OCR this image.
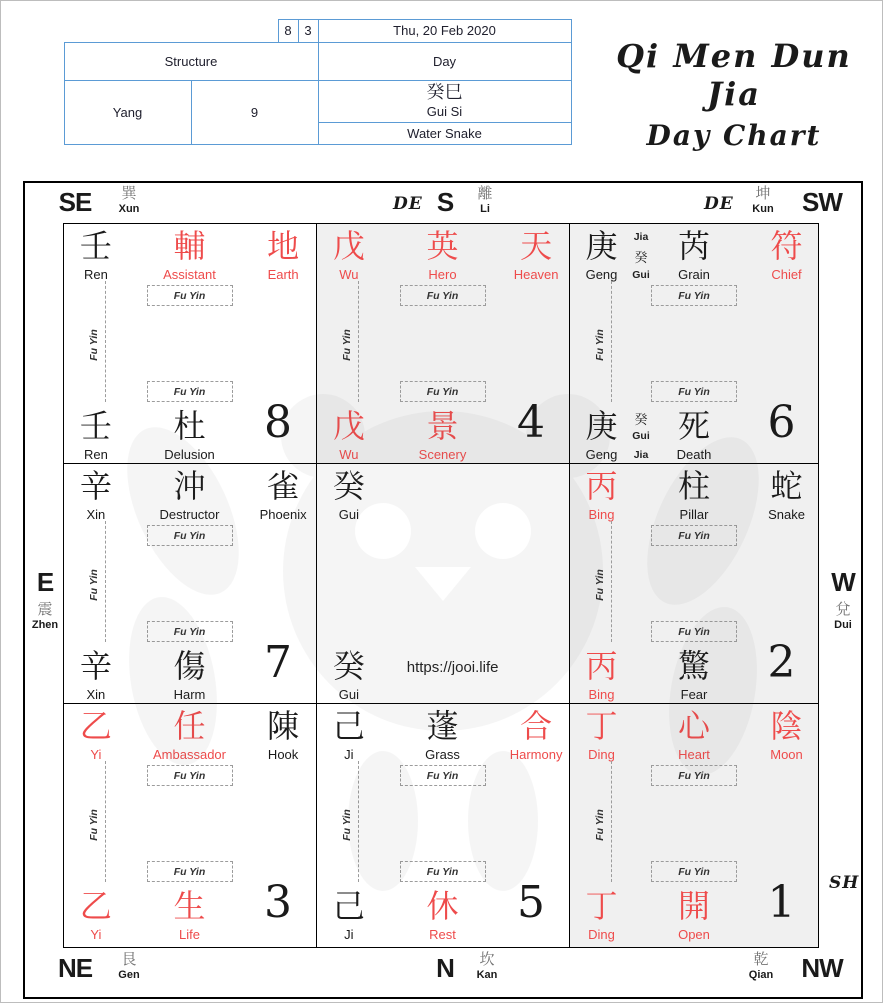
8 3	Thu, 20 Feb 2020
Structure	Day
Yang	9
癸巳
Gui Si
Water Snake
Qi Men Dun Jia
Day Chart
壬
Ren
輔
Assistant
地
Earth
Fu Yin
Fu Yin
Fu Yin
壬
Ren
杜
Delusion
8
戊
Wu
英
Hero
天
Heaven
Fu Yin
Fu Yin
Fu Yin
戊
Wu
景
Scenery
4
庚
Geng
Jia
癸
Gui
芮
Grain
符
Chief
Fu Yin
Fu Yin
Fu Yin
癸
Gui
Jia
庚
Geng
死
Death
6
辛
Xin
沖
Destructor
雀
Phoenix
Fu Yin
Fu Yin
Fu Yin
辛
Xin
傷
Harm
7
癸
Gui
癸
Gui
https://jooi.life
丙
Bing
柱
Pillar
蛇
Snake
Fu Yin
Fu Yin
Fu Yin
丙
Bing
驚
Fear
2
乙
Yi
任
Ambassador
陳
Hook
Fu Yin
Fu Yin
Fu Yin
乙
Yi
生
Life
3
己
Ji
蓬
Grass
合
Harmony
Fu Yin
Fu Yin
Fu Yin
己
Ji
休
Rest
5
丁
Ding
心
Heart
陰
Moon
Fu Yin
Fu Yin
Fu Yin
丁
Ding
開
Open
1
SE	巽
Xun	DE S	離
Li	DE
坤
Kun	SW
E
震
Zhen
W
兌
Dui
SH
NE	艮
Gen	N	坎
Kan
乾
Qian	NW
